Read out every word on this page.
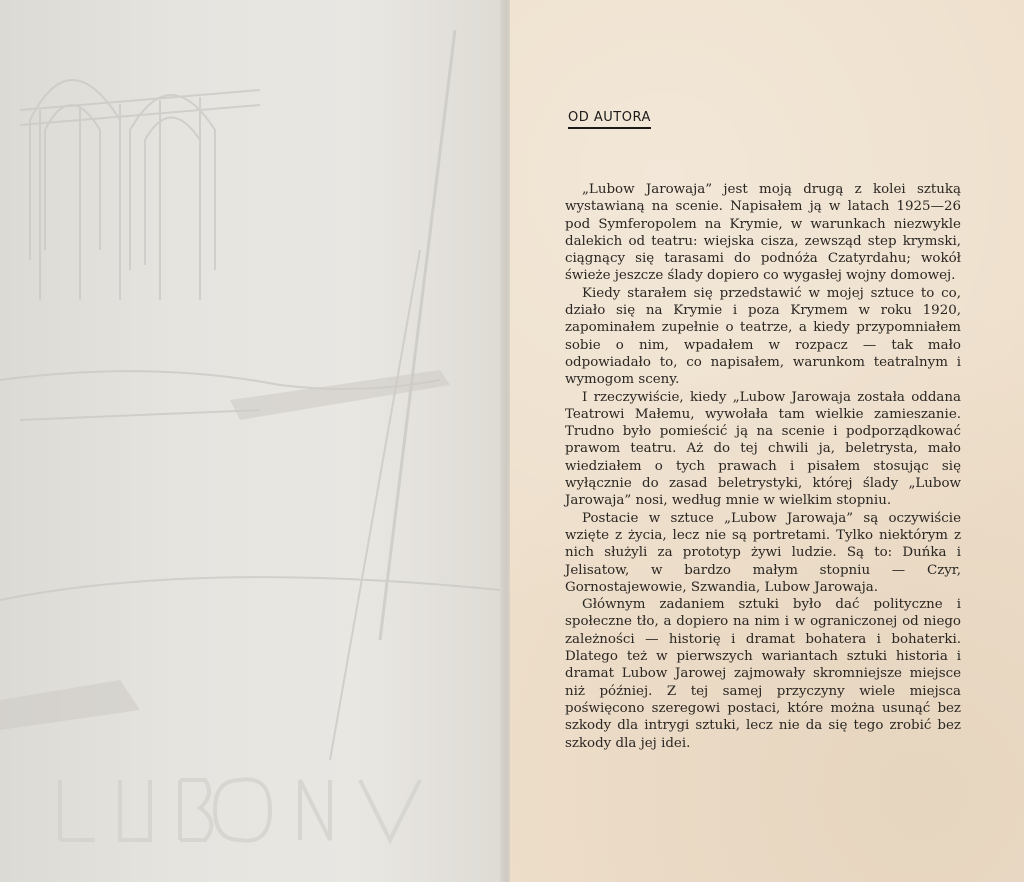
OD AUTORA

„Lubow Jarowaja” jest moją drugą z kolei sztuką wystawianą na scenie. Napisałem ją w latach 1925—26 pod Symferopolem na Krymie, w warunkach niezwykle dalekich od teatru: wiejska cisza, zewsząd step krymski, ciągnący się tarasami do podnóża Czatyrdahu; wokół świeże jeszcze ślady dopiero co wygasłej wojny domowej.

Kiedy starałem się przedstawić w mojej sztuce to co, działo się na Krymie i poza Krymem w roku 1920, zapominałem zupełnie o teatrze, a kiedy przypomniałem sobie o nim, wpadałem w rozpacz — tak mało odpowiadało to, co napisałem, warunkom teatralnym i wymogom sceny.

I rzeczywiście, kiedy „Lubow Jarowaja została oddana Teatrowi Małemu, wywołała tam wielkie zamieszanie. Trudno było pomieścić ją na scenie i podporządkować prawom teatru. Aż do tej chwili ja, beletrysta, mało wiedziałem o tych prawach i pisałem stosując się wyłącznie do zasad beletrystyki, której ślady „Lubow Jarowaja” nosi, według mnie w wielkim stopniu.

Postacie w sztuce „Lubow Jarowaja” są oczywiście wzięte z życia, lecz nie są portretami. Tylko niektórym z nich służyli za prototyp żywi ludzie. Są to: Duńka i Jelisatow, w bardzo małym stopniu — Czyr, Gornostajewowie, Szwandia, Lubow Jarowaja.

Głównym zadaniem sztuki było dać polityczne i społeczne tło, a dopiero na nim i w ograniczonej od niego zależności — historię i dramat bohatera i bohaterki. Dlatego też w pierwszych wariantach sztuki historia i dramat Lubow Jarowej zajmowały skromniejsze miejsce niż później. Z tej samej przyczyny wiele miejsca poświęcono szeregowi postaci, które można usunąć bez szkody dla intrygi sztuki, lecz nie da się tego zrobić bez szkody dla jej idei.
